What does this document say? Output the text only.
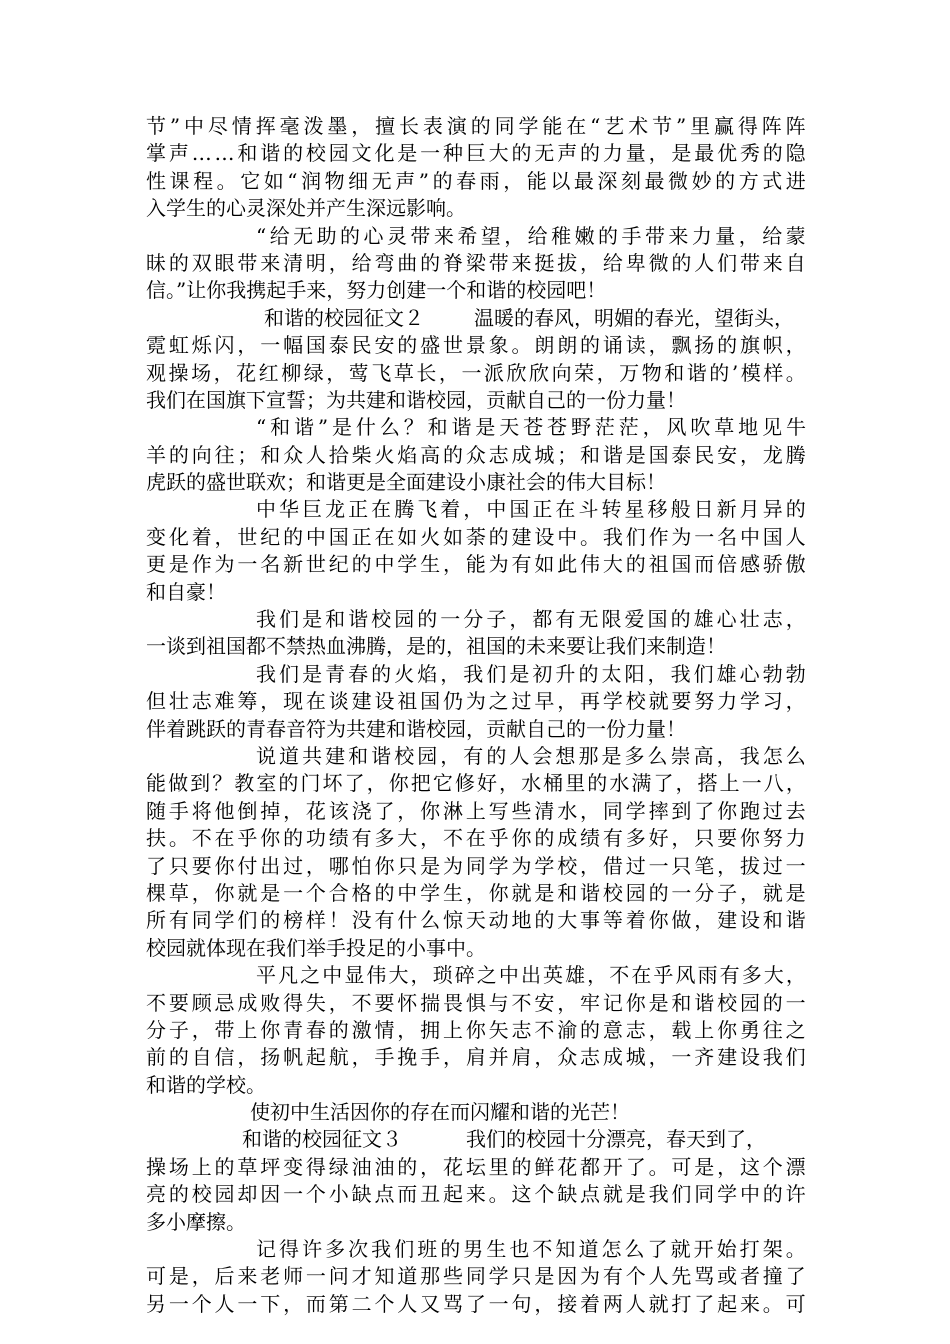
节 ” 中 尽 情 挥 毫 泼 墨 ， 擅 长 表 演 的 同 学 能 在 “ 艺 术 节 ” 里 赢 得 阵 阵
掌 声 … … 和 谐 的 校 园 文 化 是 一 种 巨 大 的 无 声 的 力 量 ， 是 最 优 秀 的 隐
性 课 程 。 它 如 “ 润 物 细 无 声 ” 的 春 雨 ， 能 以 最 深 刻 最 微 妙 的 方 式 进
入学生的心灵深处并产生深远影响。
“ 给 无 助 的 心 灵 带 来 希 望 ， 给 稚 嫩 的 手 带 来 力 量 ， 给 蒙
昧 的 双 眼 带 来 清 明 ， 给 弯 曲 的 脊 梁 带 来 挺 拔 ， 给 卑 微 的 人 们 带 来 自
信。”让你我携起手来，努力创建一个和谐的校园吧！
和谐的校园征文２	温暖的春风，明媚的春光，望街头，
霓 虹 烁 闪 ， 一 幅 国 泰 民 安 的 盛 世 景 象 。 朗 朗 的 诵 读 ， 飘 扬 的 旗 帜 ，
观 操 场 ， 花 红 柳 绿 ， 莺 飞 草 长 ， 一 派 欣 欣 向 荣 ， 万 物 和 谐 的 ’ 模 样 。
我们在国旗下宣誓；为共建和谐校园，贡献自己的一份力量！
“ 和 谐 ” 是 什 么 ？ 和 谐 是 天 苍 苍 野 茫 茫 ， 风 吹 草 地 见 牛
羊 的 向 往 ； 和 众 人 拾 柴 火 焰 高 的 众 志 成 城 ； 和 谐 是 国 泰 民 安 ， 龙 腾
虎跃的盛世联欢；和谐更是全面建设小康社会的伟大目标！
中 华 巨 龙 正 在 腾 飞 着 ， 中 国 正 在 斗 转 星 移 般 日 新 月 异 的
变 化 着 ， 世 纪 的 中 国 正 在 如 火 如 荼 的 建 设 中 。 我 们 作 为 一 名 中 国 人
更 是 作 为 一 名 新 世 纪 的 中 学 生 ， 能 为 有 如 此 伟 大 的 祖 国 而 倍 感 骄 傲
和自豪！
我 们 是 和 谐 校 园 的 一 分 子 ， 都 有 无 限 爱 国 的 雄 心 壮 志 ，
一谈到祖国都不禁热血沸腾，是的，祖国的未来要让我们来制造！
我 们 是 青 春 的 火 焰 ， 我 们 是 初 升 的 太 阳 ， 我 们 雄 心 勃 勃
但 壮 志 难 筹 ， 现 在 谈 建 设 祖 国 仍 为 之 过 早 ， 再 学 校 就 要 努 力 学 习 ，
伴着跳跃的青春音符为共建和谐校园，贡献自己的一份力量！
说 道 共 建 和 谐 校 园 ， 有 的 人 会 想 那 是 多 么 崇 高 ， 我 怎 么
能 做 到 ？ 教 室 的 门 坏 了 ， 你 把 它 修 好 ， 水 桶 里 的 水 满 了 ， 搭 上 一 八 ，
随 手 将 他 倒 掉 ， 花 该 浇 了 ， 你 淋 上 写 些 清 水 ， 同 学 摔 到 了 你 跑 过 去
扶 。 不 在 乎 你 的 功 绩 有 多 大 ， 不 在 乎 你 的 成 绩 有 多 好 ， 只 要 你 努 力
了 只 要 你 付 出 过 ， 哪 怕 你 只 是 为 同 学 为 学 校 ， 借 过 一 只 笔 ， 拔 过 一
棵 草 ， 你 就 是 一 个 合 格 的 中 学 生 ， 你 就 是 和 谐 校 园 的 一 分 子 ， 就 是
所 有 同 学 们 的 榜 样 ！ 没 有 什 么 惊 天 动 地 的 大 事 等 着 你 做 ， 建 设 和 谐
校园就体现在我们举手投足的小事中。
平 凡 之 中 显 伟 大 ， 琐 碎 之 中 出 英 雄 ， 不 在 乎 风 雨 有 多 大 ，
不 要 顾 忌 成 败 得 失 ， 不 要 怀 揣 畏 惧 与 不 安 ， 牢 记 你 是 和 谐 校 园 的 一
分 子 ， 带 上 你 青 春 的 激 情 ， 拥 上 你 矢 志 不 渝 的 意 志 ， 载 上 你 勇 往 之
前 的 自 信 ， 扬 帆 起 航 ， 手 挽 手 ， 肩 并 肩 ， 众 志 成 城 ， 一 齐 建 设 我 们
和谐的学校。
使初中生活因你的存在而闪耀和谐的光芒！
和谐的校园征文３	我们的校园十分漂亮，春天到了，
操 场 上 的 草 坪 变 得 绿 油 油 的 ， 花 坛 里 的 鲜 花 都 开 了 。 可 是 ， 这 个 漂
亮 的 校 园 却 因 一 个 小 缺 点 而 丑 起 来 。 这 个 缺 点 就 是 我 们 同 学 中 的 许
多小摩擦。
记 得 许 多 次 我 们 班 的 男 生 也 不 知 道 怎 么 了 就 开 始 打 架 。
可 是 ， 后 来 老 师 一 问 才 知 道 那 些 同 学 只 是 因 为 有 个 人 先 骂 或 者 撞 了
另 一 个 人 一 下 ， 而 第 二 个 人 又 骂 了 一 句 ， 接 着 两 人 就 打 了 起 来 。 可
